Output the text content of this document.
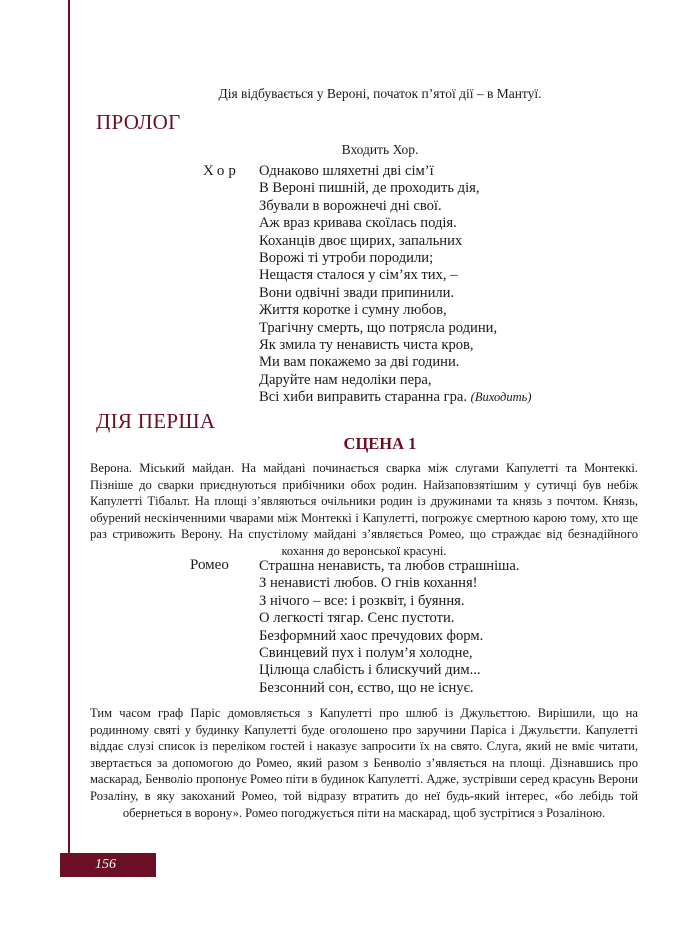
Дія відбувається у Вероні, початок п’ятої дії – в Мантуї.
ПРОЛОГ
Входить Хор.
Хор Однаково шляхетні дві сім’ї
В Вероні пишній, де проходить дія,
Збували в ворожнечі дні свої.
Аж враз кривава скоїлась подія.
Коханців двоє щирих, запальних
Ворожі ті утроби породили;
Нещастя сталося у сім’ях тих, –
Вони одвічні звади припинили.
Життя коротке і сумну любов,
Трагічну смерть, що потрясла родини,
Як змила ту ненависть чиста кров,
Ми вам покажемо за дві години.
Даруйте нам недоліки пера,
Всі хиби виправить старанна гра. (Виходить)
ДІЯ ПЕРША
СЦЕНА 1
Верона. Міський майдан. На майдані починається сварка між слугами Капулетті та Монтеккі. Пізніше до сварки приєднуються прибічники обох родин. Найзаповзятішим у сутичці був небіж Капулетті Тібальт. На площі з’являються очільники родин із дружинами та князь з почтом. Князь, обурений нескінченними чварами між Монтеккі і Капулетті, погрожує смертною карою тому, хто ще раз стривожить Верону. На спустілому майдані з’являється Ромео, що страждає від безнадійного кохання до веронської красуні.
Ромео Страшна ненависть, та любов страшніша.
З ненависті любов. О гнів кохання!
З нічого – все: і розквіт, і буяння.
О легкості тягар. Сенс пустоти.
Безформний хаос пречудових форм.
Свинцевий пух і полум’я холодне,
Цілюща слабість і блискучий дим...
Безсонний сон, єство, що не існує.
Тим часом граф Паріс домовляється з Капулетті про шлюб із Джульєттою. Вирішили, що на родинному святі у будинку Капулетті буде оголошено про заручини Паріса і Джульєтти. Капулетті віддає слузі список із переліком гостей і наказує запросити їх на свято. Слуга, який не вміє читати, звертається за допомогою до Ромео, який разом з Бенволіо з’являється на площі. Дізнавшись про маскарад, Бенволіо пропонує Ромео піти в будинок Капулетті. Адже, зустрівши серед красунь Верони Розаліну, в яку закоханий Ромео, той відразу втратить до неї будь-який інтерес, «бо лебідь той обернеться в ворону». Ромео погоджується піти на маскарад, щоб зустрітися з Розаліною.
156
